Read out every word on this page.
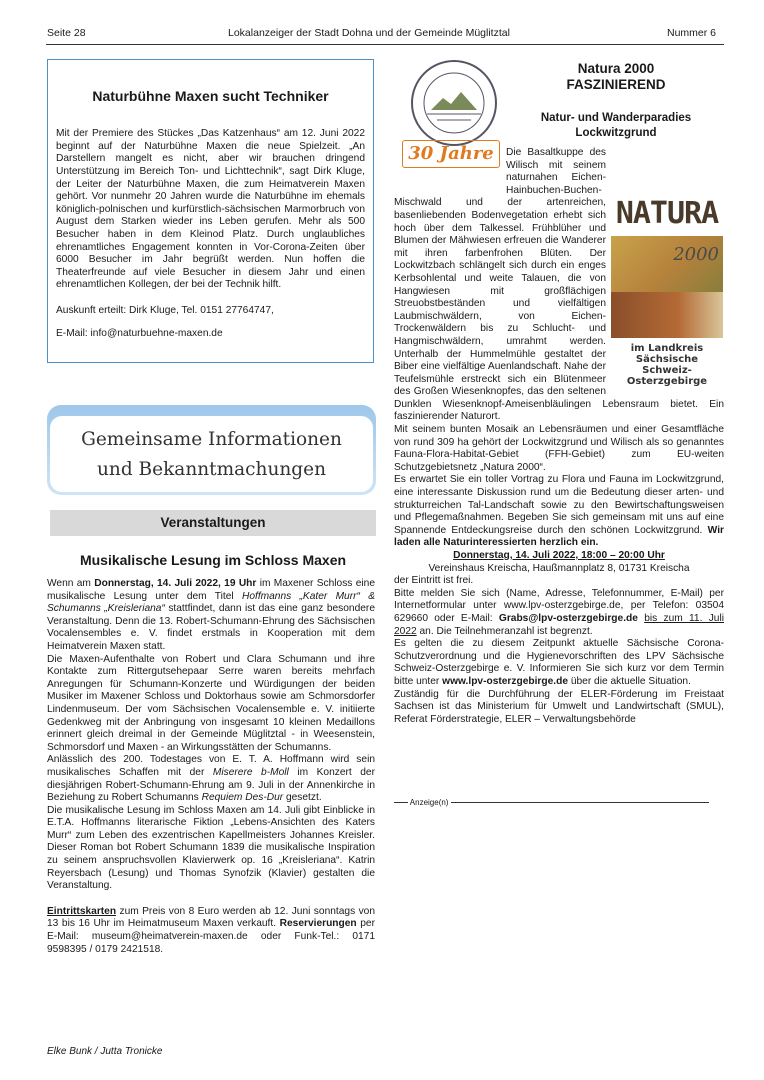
Seite 28	Lokalanzeiger der Stadt Dohna und der Gemeinde Müglitztal	Nummer 6
Naturbühne Maxen sucht Techniker

Mit der Premiere des Stückes „Das Katzenhaus“ am 12. Juni 2022 beginnt auf der Naturbühne Maxen die neue Spielzeit. „An Darstellern mangelt es nicht, aber wir brauchen dringend Unterstützung im Bereich Ton- und Lichttechnik“, sagt Dirk Kluge, der Leiter der Naturbühne Maxen, die zum Heimatverein Maxen gehört. Vor nunmehr 20 Jahren wurde die Naturbühne im ehemals königlich-polnischen und kurfürstlich-sächsischen Marmorbruch von August dem Starken wieder ins Leben gerufen. Mehr als 500 Besucher haben in dem Kleinod Platz. Durch unglaubliches ehrenamtliches Engagement konnten in Vor-Corona-Zeiten über 6000 Besucher im Jahr begrüßt werden. Nun hoffen die Theaterfreunde auf viele Besucher in diesem Jahr und einen ehrenamtlichen Kollegen, der bei der Technik hilft.

Auskunft erteilt: Dirk Kluge, Tel. 0151 27764747,

E-Mail: info@naturbuehne-maxen.de

Gemeinsame Informationen
und Bekanntmachungen
Veranstaltungen
Musikalische Lesung im Schloss Maxen

Wenn am Donnerstag, 14. Juli 2022, 19 Uhr im Maxener Schloss eine musikalische Lesung unter dem Titel Hoffmanns „Kater Murr“ & Schumanns „Kreisleriana“ stattfindet, dann ist das eine ganz besondere Veranstaltung. Denn die 13. Robert-Schumann-Ehrung des Sächsischen Vocalensembles e. V. findet erstmals in Kooperation mit dem Heimatverein Maxen statt.

Die Maxen-Aufenthalte von Robert und Clara Schumann und ihre Kontakte zum Rittergutsehepaar Serre waren bereits mehrfach Anregungen für Schumann-Konzerte und Würdigungen der beiden Musiker im Maxener Schloss und Doktorhaus sowie am Schmorsdorfer Lindenmuseum. Der vom Sächsischen Vocalensemble e. V. initiierte Gedenkweg mit der Anbringung von insgesamt 10 kleinen Medaillons erinnert gleich dreimal in der Gemeinde Müglitztal - in Weesenstein, Schmorsdorf und Maxen - an Wirkungsstätten der Schumanns.

Anlässlich des 200. Todestages von E. T. A. Hoffmann wird sein musikalisches Schaffen mit der Miserere b-Moll im Konzert der diesjährigen Robert-Schumann-Ehrung am 9. Juli in der Annenkirche in Beziehung zu Robert Schumanns Requiem Des-Dur gesetzt.

Die musikalische Lesung im Schloss Maxen am 14. Juli gibt Einblicke in E.T.A. Hoffmanns literarische Fiktion „Lebens-Ansichten des Katers Murr“ zum Leben des exzentrischen Kapellmeisters Johannes Kreisler. Dieser Roman bot Robert Schumann 1839 die musikalische Inspiration zu seinem anspruchsvollen Klavierwerk op. 16 „Kreisleriana“. Katrin Reyersbach (Lesung) und Thomas Synofzik (Klavier) gestalten die Veranstaltung.

Eintrittskarten zum Preis von 8 Euro werden ab 12. Juni sonntags von 13 bis 16 Uhr im Heimatmuseum Maxen verkauft. Reservierungen per E-Mail: museum@heimatverein-maxen.de oder Funk-Tel.: 0171 9598395 / 0179 2421518.

Elke Bunk / Jutta Tronicke
30 Jahre
Natura 2000
FASZINIEREND
Natur- und Wanderparadies
Lockwitzgrund
NATURA
2000
im Landkreis Sächsische
Schweiz-Osterzgebirge

Die Basaltkuppe des Wilisch mit seinem naturnahen Eichen-Hainbuchen-Buchen-Mischwald und der artenreichen, basenliebenden Bodenvegetation erhebt sich hoch über dem Talkessel. Frühblüher und Blumen der Mähwiesen erfreuen die Wanderer mit ihren farbenfrohen Blüten. Der Lockwitzbach schlängelt sich durch ein enges Kerbsohlental und weite Talauen, die von Hangwiesen mit großflächigen Streuobstbeständen und vielfältigen Laubmischwäldern, von Eichen- Trockenwäldern bis zu Schlucht- und Hangmischwäldern, umrahmt werden. Unterhalb der Hummelmühle gestaltet der Biber eine vielfältige Auenlandschaft. Nahe der Teufelsmühle erstreckt sich ein Blütenmeer des Großen Wiesenknopfes, das den seltenen Dunklen Wiesenknopf-Ameisenbläulingen Lebensraum bietet. Ein faszinierender Naturort.

Mit seinem bunten Mosaik an Lebensräumen und einer Gesamtfläche von rund 309 ha gehört der Lockwitzgrund und Wilisch als so genanntes Fauna-Flora-Habitat-Gebiet (FFH-Gebiet) zum EU-weiten Schutzgebietsnetz „Natura 2000“.

Es erwartet Sie ein toller Vortrag zu Flora und Fauna im Lockwitzgrund, eine interessante Diskussion rund um die Bedeutung dieser arten- und strukturreichen Tal-Landschaft sowie zu den Bewirtschaftungsweisen und Pflegemaßnahmen. Begeben Sie sich gemeinsam mit uns auf eine Spannende Entdeckungsreise durch den schönen Lockwitzgrund. Wir laden alle Naturinteressierten herzlich ein.

Donnerstag, 14. Juli 2022, 18:00 – 20:00 Uhr

Vereinshaus Kreischa, Haußmannplatz 8, 01731 Kreischa

der Eintritt ist frei.

Bitte melden Sie sich (Name, Adresse, Telefonnummer, E-Mail) per Internetformular unter www.lpv-osterzgebirge.de, per Telefon: 03504 629660 oder E-Mail: Grabs@lpv-osterzgebirge.de bis zum 11. Juli 2022 an. Die Teilnehmeranzahl ist begrenzt.

Es gelten die zu diesem Zeitpunkt aktuelle Sächsische Corona-Schutzverordnung und die Hygienevorschriften des LPV Sächsische Schweiz-Osterzgebirge e. V. Informieren Sie sich kurz vor dem Termin bitte unter www.lpv-osterzgebirge.de über die aktuelle Situation.

Zuständig für die Durchführung der ELER-Förderung im Freistaat Sachsen ist das Ministerium für Umwelt und Landwirtschaft (SMUL), Referat Förderstrategie, ELER – Verwaltungsbehörde

Anzeige(n)
